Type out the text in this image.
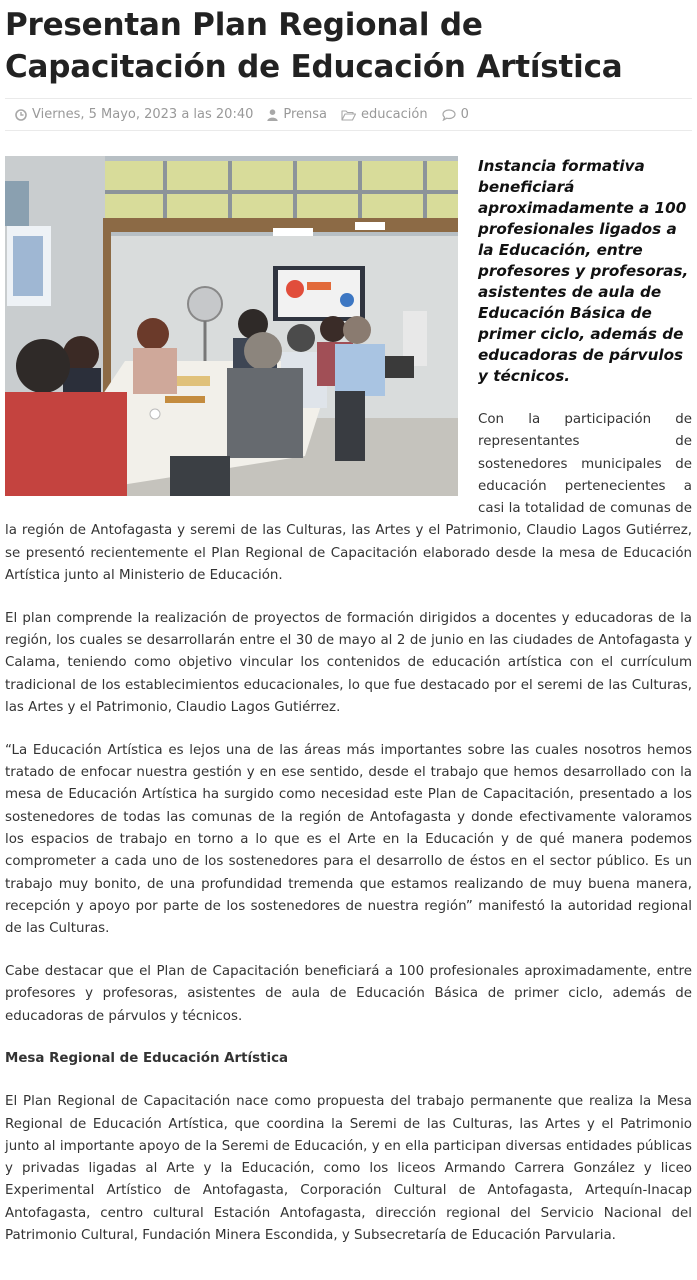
Presentan Plan Regional de Capacitación de Educación Artística
Viernes, 5 Mayo, 2023 a las 20:40 Prensa	educación	0
Instancia formativa beneficiará aproximadamente a 100 profesionales ligados a la Educación, entre profesores y profesoras, asistentes de aula de Educación Básica de primer ciclo, además de educadoras de párvulos y técnicos.

Con la participación de representantes de sostenedores municipales de educación pertenecientes a casi la totalidad de comunas de la región de Antofagasta y seremi de las Culturas, las Artes y el Patrimonio, Claudio Lagos Gutiérrez, se presentó recientemente el Plan Regional de Capacitación elaborado desde la mesa de Educación Artística junto al Ministerio de Educación.

El plan comprende la realización de proyectos de formación dirigidos a docentes y educadoras de la región, los cuales se desarrollarán entre el 30 de mayo al 2 de junio en las ciudades de Antofagasta y Calama, teniendo como objetivo vincular los contenidos de educación artística con el currículum tradicional de los establecimientos educacionales, lo que fue destacado por el seremi de las Culturas, las Artes y el Patrimonio, Claudio Lagos Gutiérrez.

“La Educación Artística es lejos una de las áreas más importantes sobre las cuales nosotros hemos tratado de enfocar nuestra gestión y en ese sentido, desde el trabajo que hemos desarrollado con la mesa de Educación Artística ha surgido como necesidad este Plan de Capacitación, presentado a los sostenedores de todas las comunas de la región de Antofagasta y donde efectivamente valoramos los espacios de trabajo en torno a lo que es el Arte en la Educación y de qué manera podemos comprometer a cada uno de los sostenedores para el desarrollo de éstos en el sector público. Es un trabajo muy bonito, de una profundidad tremenda que estamos realizando de muy buena manera, recepción y apoyo por parte de los sostenedores de nuestra región” manifestó la autoridad regional de las Culturas.

Cabe destacar que el Plan de Capacitación beneficiará a 100 profesionales aproximadamente, entre profesores y profesoras, asistentes de aula de Educación Básica de primer ciclo, además de educadoras de párvulos y técnicos.

Mesa Regional de Educación Artística

El Plan Regional de Capacitación nace como propuesta del trabajo permanente que realiza la Mesa Regional de Educación Artística, que coordina la Seremi de las Culturas, las Artes y el Patrimonio junto al importante apoyo de la Seremi de Educación, y en ella participan diversas entidades públicas y privadas ligadas al Arte y la Educación, como los liceos Armando Carrera González y liceo Experimental Artístico de Antofagasta, Corporación Cultural de Antofagasta, Artequín-Inacap Antofagasta, centro cultural Estación Antofagasta, dirección regional del Servicio Nacional del Patrimonio Cultural, Fundación Minera Escondida, y Subsecretaría de Educación Parvularia.
